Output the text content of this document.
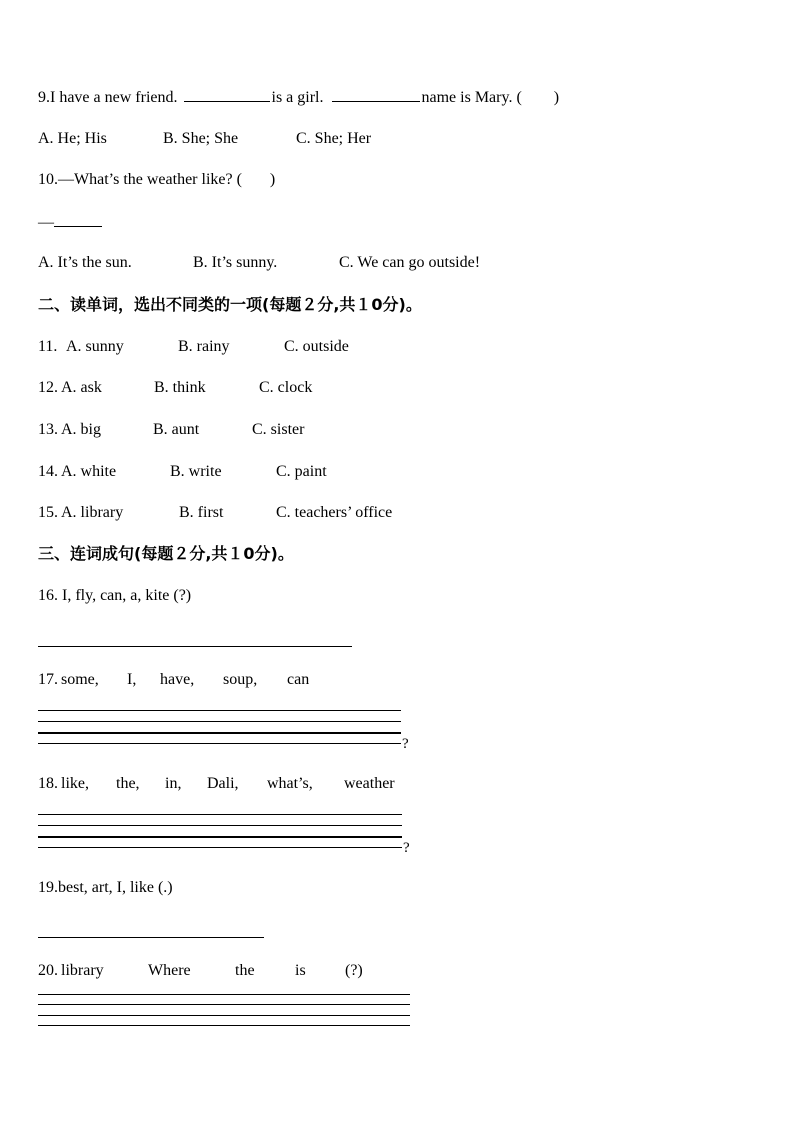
9.I have a new friend.	is a girl.	name is Mary. (        )
A. He; His	B. She; She	C. She; Her
10.—What’s the weather like? (       )
—
A. It’s the sun.	B. It’s sunny.	C. We can go outside!
二、读单词，选出不同类的一项(每题２分,共１0分)。
11. A. sunny	B. rainy	C. outside
12. A. ask	B. think	C. clock
13. A. big	B. aunt	C. sister
14. A. white	B. write	C. paint
15. A. library	B. first	C. teachers’ office
三、连词成句(每题２分,共１0分)。
16. I, fly, can, a, kite (?)
17. some, I, have, soup, can
?
18. like, the, in, Dali, what’s, weather
?
19.best, art, I, like (.)
20. library	Where	the	is (?)
